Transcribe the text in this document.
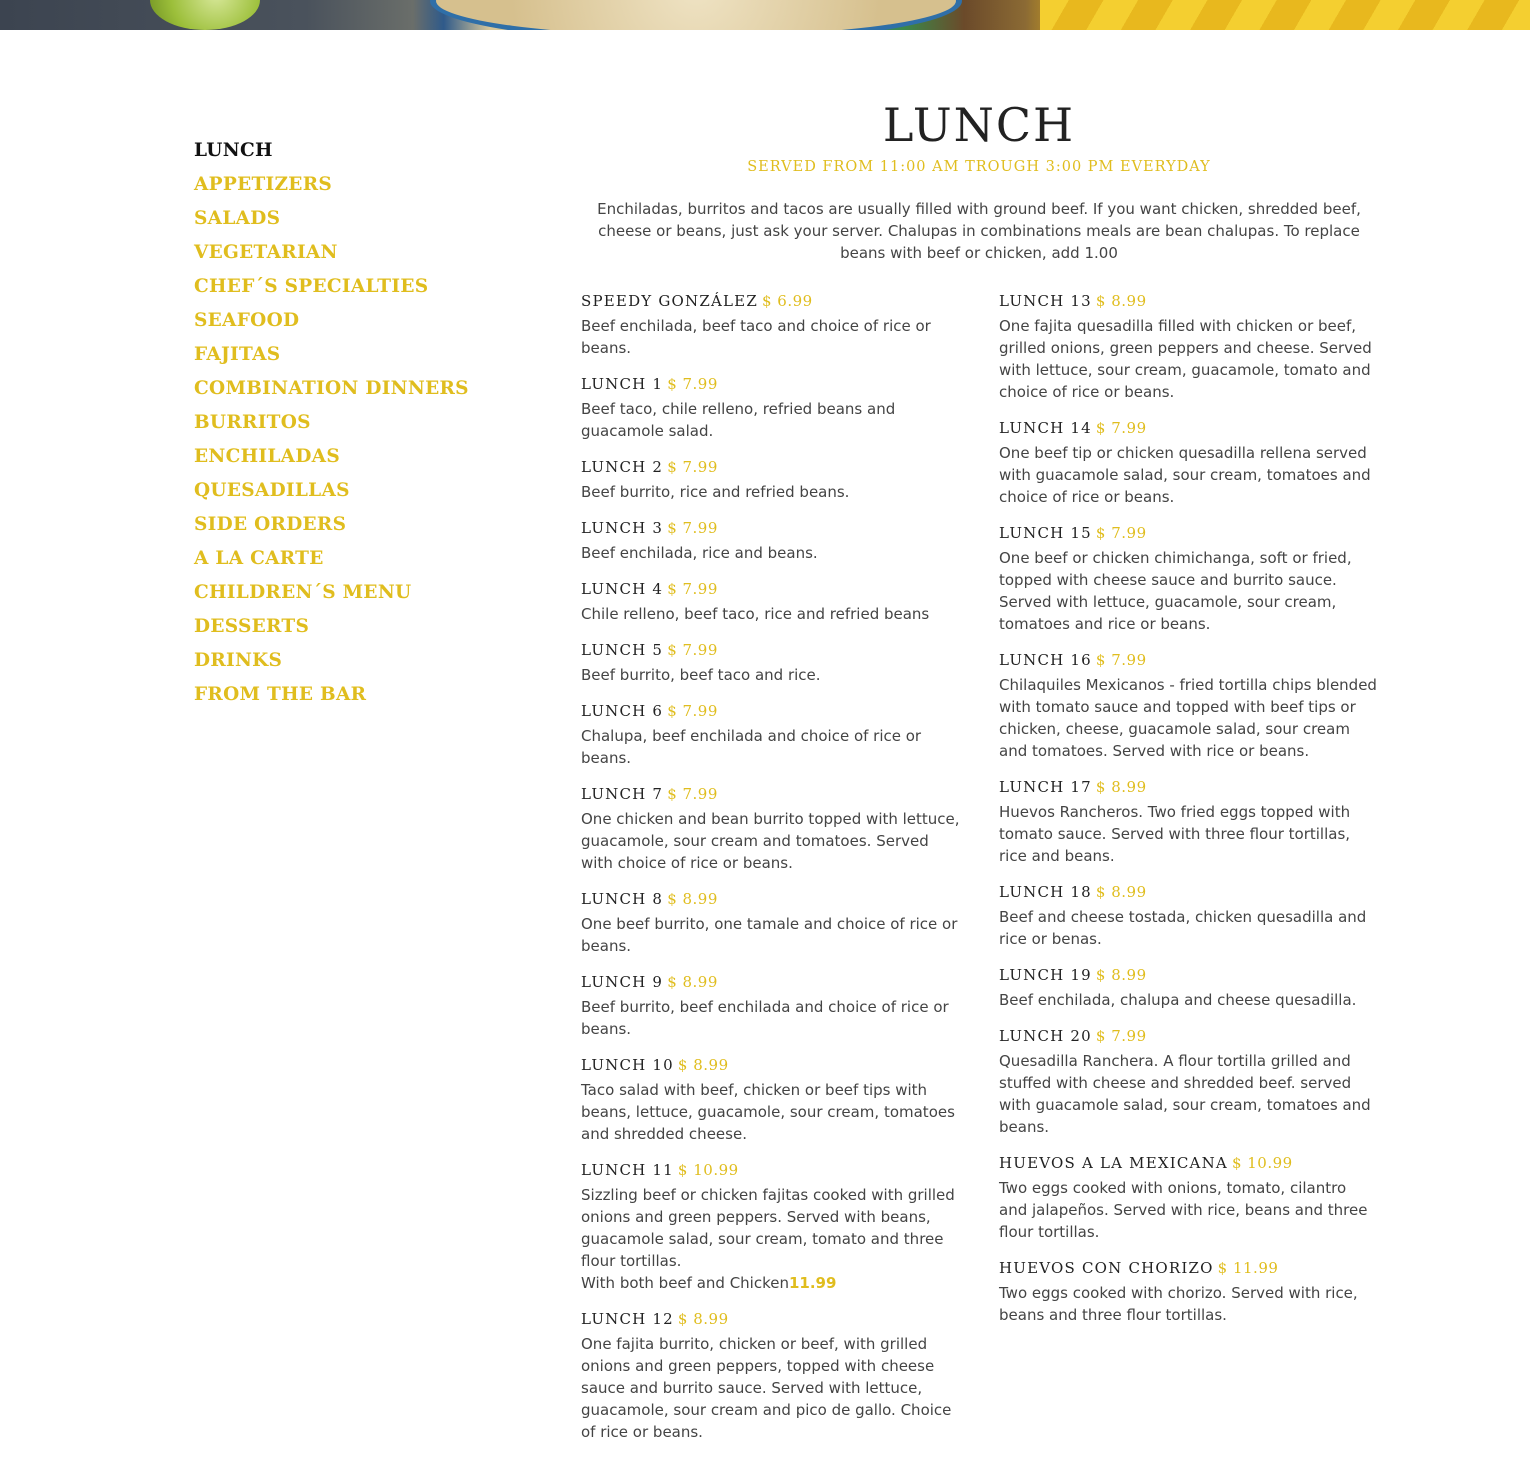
LUNCH
APPETIZERS
SALADS
VEGETARIAN
CHEF´S SPECIALTIES
SEAFOOD
FAJITAS
COMBINATION DINNERS
BURRITOS
ENCHILADAS
QUESADILLAS
SIDE ORDERS
A LA CARTE
CHILDREN´S MENU
DESSERTS
DRINKS
FROM THE BAR
LUNCH
SERVED FROM 11:00 AM TROUGH 3:00 PM EVERYDAY
Enchiladas, burritos and tacos are usually filled with ground beef. If you want chicken, shredded beef, cheese or beans, just ask your server. Chalupas in combinations meals are bean chalupas. To replace beans with beef or chicken, add 1.00
SPEEDY GONZÁLEZ $ 6.99
Beef enchilada, beef taco and choice of rice or beans.
LUNCH 1 $ 7.99
Beef taco, chile relleno, refried beans and guacamole salad.
LUNCH 2 $ 7.99
Beef burrito, rice and refried beans.
LUNCH 3 $ 7.99
Beef enchilada, rice and beans.
LUNCH 4 $ 7.99
Chile relleno, beef taco, rice and refried beans
LUNCH 5 $ 7.99
Beef burrito, beef taco and rice.
LUNCH 6 $ 7.99
Chalupa, beef enchilada and choice of rice or beans.
LUNCH 7 $ 7.99
One chicken and bean burrito topped with lettuce, guacamole, sour cream and tomatoes. Served with choice of rice or beans.
LUNCH 8 $ 8.99
One beef burrito, one tamale and choice of rice or beans.
LUNCH 9 $ 8.99
Beef burrito, beef enchilada and choice of rice or beans.
LUNCH 10 $ 8.99
Taco salad with beef, chicken or beef tips with beans, lettuce, guacamole, sour cream, tomatoes and shredded cheese.
LUNCH 11 $ 10.99
Sizzling beef or chicken fajitas cooked with grilled onions and green peppers. Served with beans, guacamole salad, sour cream, tomato and three flour tortillas.
With both beef and Chicken11.99
LUNCH 12 $ 8.99
One fajita burrito, chicken or beef, with grilled onions and green peppers, topped with cheese sauce and burrito sauce. Served with lettuce, guacamole, sour cream and pico de gallo. Choice of rice or beans.
LUNCH 13 $ 8.99
One fajita quesadilla filled with chicken or beef, grilled onions, green peppers and cheese. Served with lettuce, sour cream, guacamole, tomato and choice of rice or beans.
LUNCH 14 $ 7.99
One beef tip or chicken quesadilla rellena served with guacamole salad, sour cream, tomatoes and choice of rice or beans.
LUNCH 15 $ 7.99
One beef or chicken chimichanga, soft or fried, topped with cheese sauce and burrito sauce. Served with lettuce, guacamole, sour cream, tomatoes and rice or beans.
LUNCH 16 $ 7.99
Chilaquiles Mexicanos - fried tortilla chips blended with tomato sauce and topped with beef tips or chicken, cheese, guacamole salad, sour cream and tomatoes. Served with rice or beans.
LUNCH 17 $ 8.99
Huevos Rancheros. Two fried eggs topped with tomato sauce. Served with three flour tortillas, rice and beans.
LUNCH 18 $ 8.99
Beef and cheese tostada, chicken quesadilla and rice or benas.
LUNCH 19 $ 8.99
Beef enchilada, chalupa and cheese quesadilla.
LUNCH 20 $ 7.99
Quesadilla Ranchera. A flour tortilla grilled and stuffed with cheese and shredded beef. served with guacamole salad, sour cream, tomatoes and beans.
HUEVOS A LA MEXICANA $ 10.99
Two eggs cooked with onions, tomato, cilantro and jalapeños. Served with rice, beans and three flour tortillas.
HUEVOS CON CHORIZO $ 11.99
Two eggs cooked with chorizo. Served with rice, beans and three flour tortillas.
